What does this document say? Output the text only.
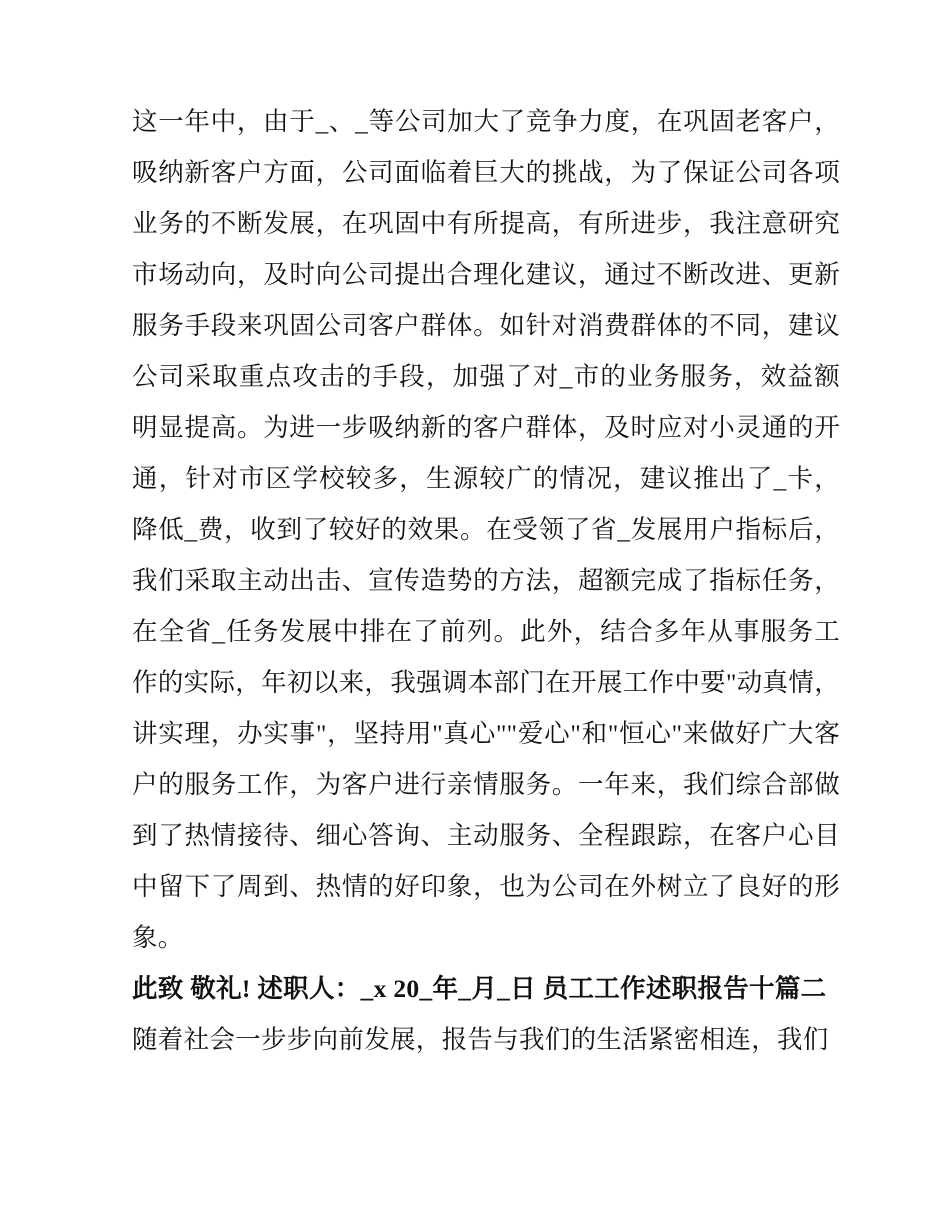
这一年中，由于_、_等公司加大了竞争力度，在巩固老客户，吸纳新客户方面，公司面临着巨大的挑战，为了保证公司各项业务的不断发展，在巩固中有所提高，有所进步，我注意研究市场动向，及时向公司提出合理化建议，通过不断改进、更新服务手段来巩固公司客户群体。如针对消费群体的不同，建议公司采取重点攻击的手段，加强了对_市的业务服务，效益额明显提高。为进一步吸纳新的客户群体，及时应对小灵通的开通，针对市区学校较多，生源较广的情况，建议推出了_卡，降低_费，收到了较好的效果。在受领了省_发展用户指标后，我们采取主动出击、宣传造势的方法，超额完成了指标任务，在全省_任务发展中排在了前列。此外，结合多年从事服务工作的实际，年初以来，我强调本部门在开展工作中要"动真情，讲实理，办实事"，坚持用"真心""爱心"和"恒心"来做好广大客户的服务工作，为客户进行亲情服务。一年来，我们综合部做到了热情接待、细心答询、主动服务、全程跟踪，在客户心目中留下了周到、热情的好印象，也为公司在外树立了良好的形象。

此致 敬礼! 述职人：_x 20_年_月_日 员工工作述职报告十篇二

随着社会一步步向前发展，报告与我们的生活紧密相连，我们
